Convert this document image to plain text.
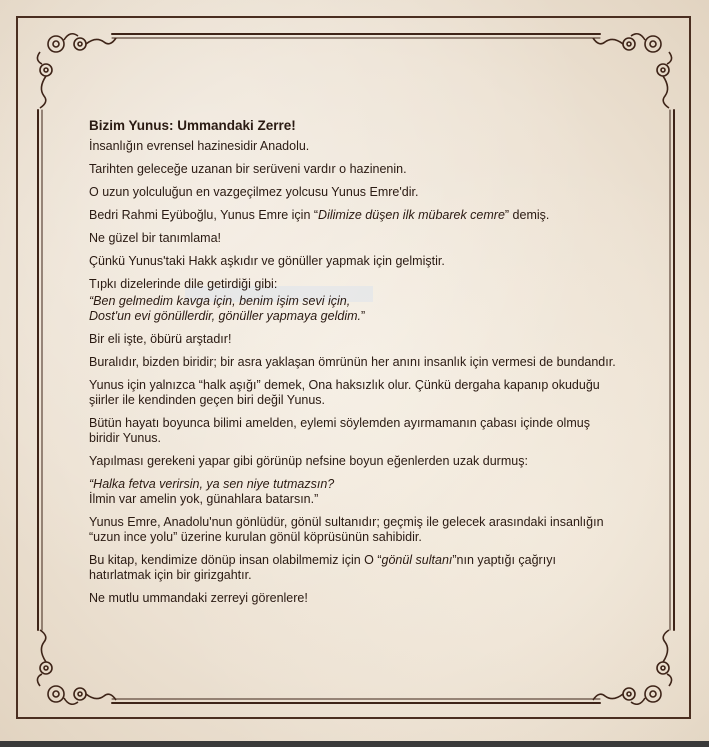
Bizim Yunus: Ummandaki Zerre!

İnsanlığın evrensel hazinesidir Anadolu.

Tarihten geleceğe uzanan bir serüveni vardır o hazinenin.

O uzun yolculuğun en vazgeçilmez yolcusu Yunus Emre'dir.

Bedri Rahmi Eyüboğlu, Yunus Emre için “Dilimize düşen ilk mübarek cemre” demiş.

Ne güzel bir tanımlama!

Çünkü Yunus'taki Hakk aşkıdır ve gönüller yapmak için gelmiştir.

Tıpkı dizelerinde dile getirdiği gibi:

“Ben gelmedim kavga için, benim işim sevi için,
Dost'un evi gönüllerdir, gönüller yapmaya geldim.”

Bir eli işte, öbürü arştadır!

Buralıdır, bizden biridir; bir asra yaklaşan ömrünün her anını insanlık için vermesi de bundandır.

Yunus için yalnızca “halk aşığı” demek, Ona haksızlık olur. Çünkü dergaha kapanıp okuduğu
şiirler ile kendinden geçen biri değil Yunus.

Bütün hayatı boyunca bilimi amelden, eylemi söylemden ayırmamanın çabası içinde olmuş
biridir Yunus.

Yapılması gerekeni yapar gibi görünüp nefsine boyun eğenlerden uzak durmuş:

“Halka fetva verirsin, ya sen niye tutmazsın?
İlmin var amelin yok, günahlara batarsın.”

Yunus Emre, Anadolu'nun gönlüdür, gönül sultanıdır; geçmiş ile gelecek arasındaki insanlığın
“uzun ince yolu” üzerine kurulan gönül köprüsünün sahibidir.

Bu kitap, kendimize dönüp insan olabilmemiz için O “gönül sultanı”nın yaptığı çağrıyı
hatırlatmak için bir girizgahtır.

Ne mutlu ummandaki zerreyi görenlere!
